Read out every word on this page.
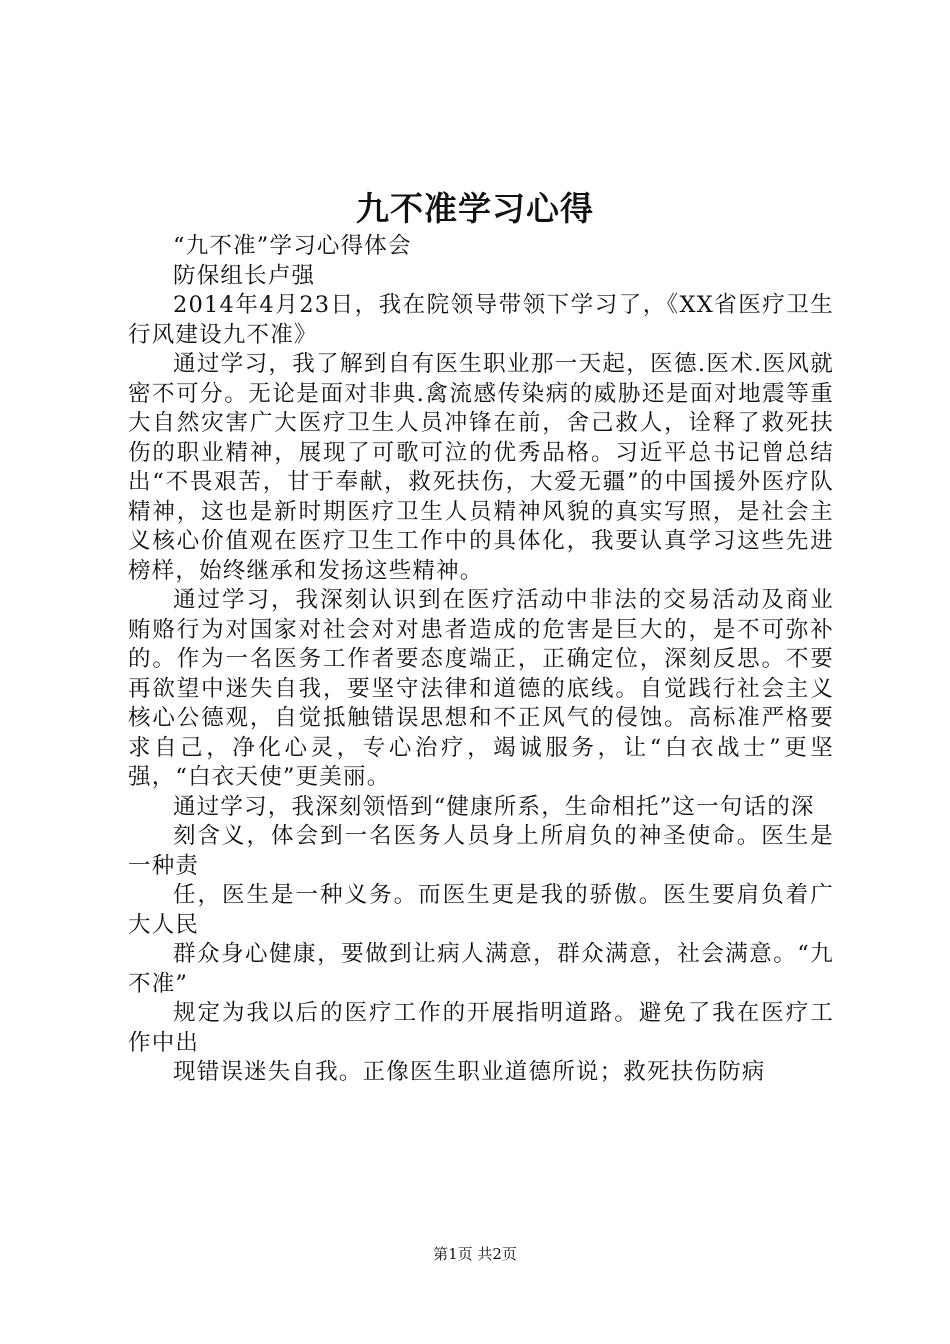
九不准学习心得

“九不准”学习心得体会

防保组长卢强

2014年4月23日，我在院领导带领下学习了，《XX省医疗卫生行风建设九不准》

通过学习，我了解到自有医生职业那一天起，医德.医术.医风就密不可分。无论是面对非典.禽流感传染病的威胁还是面对地震等重大自然灾害广大医疗卫生人员冲锋在前，舍己救人，诠释了救死扶伤的职业精神，展现了可歌可泣的优秀品格。习近平总书记曾总结出“不畏艰苦，甘于奉献，救死扶伤，大爱无疆”的中国援外医疗队精神，这也是新时期医疗卫生人员精神风貌的真实写照，是社会主义核心价值观在医疗卫生工作中的具体化，我要认真学习这些先进榜样，始终继承和发扬这些精神。

通过学习，我深刻认识到在医疗活动中非法的交易活动及商业贿赂行为对国家对社会对对患者造成的危害是巨大的，是不可弥补的。作为一名医务工作者要态度端正，正确定位，深刻反思。不要再欲望中迷失自我，要坚守法律和道德的底线。自觉践行社会主义核心公德观，自觉抵触错误思想和不正风气的侵蚀。高标准严格要求自己，净化心灵，专心治疗，竭诚服务，让“白衣战士”更坚强，“白衣天使”更美丽。

通过学习，我深刻领悟到“健康所系，生命相托”这一句话的深

刻含义，体会到一名医务人员身上所肩负的神圣使命。医生是一种责

任，医生是一种义务。而医生更是我的骄傲。医生要肩负着广大人民

群众身心健康，要做到让病人满意，群众满意，社会满意。“九不准”

规定为我以后的医疗工作的开展指明道路。避免了我在医疗工作中出

现错误迷失自我。正像医生职业道德所说；救死扶伤防病

第1页 共2页
